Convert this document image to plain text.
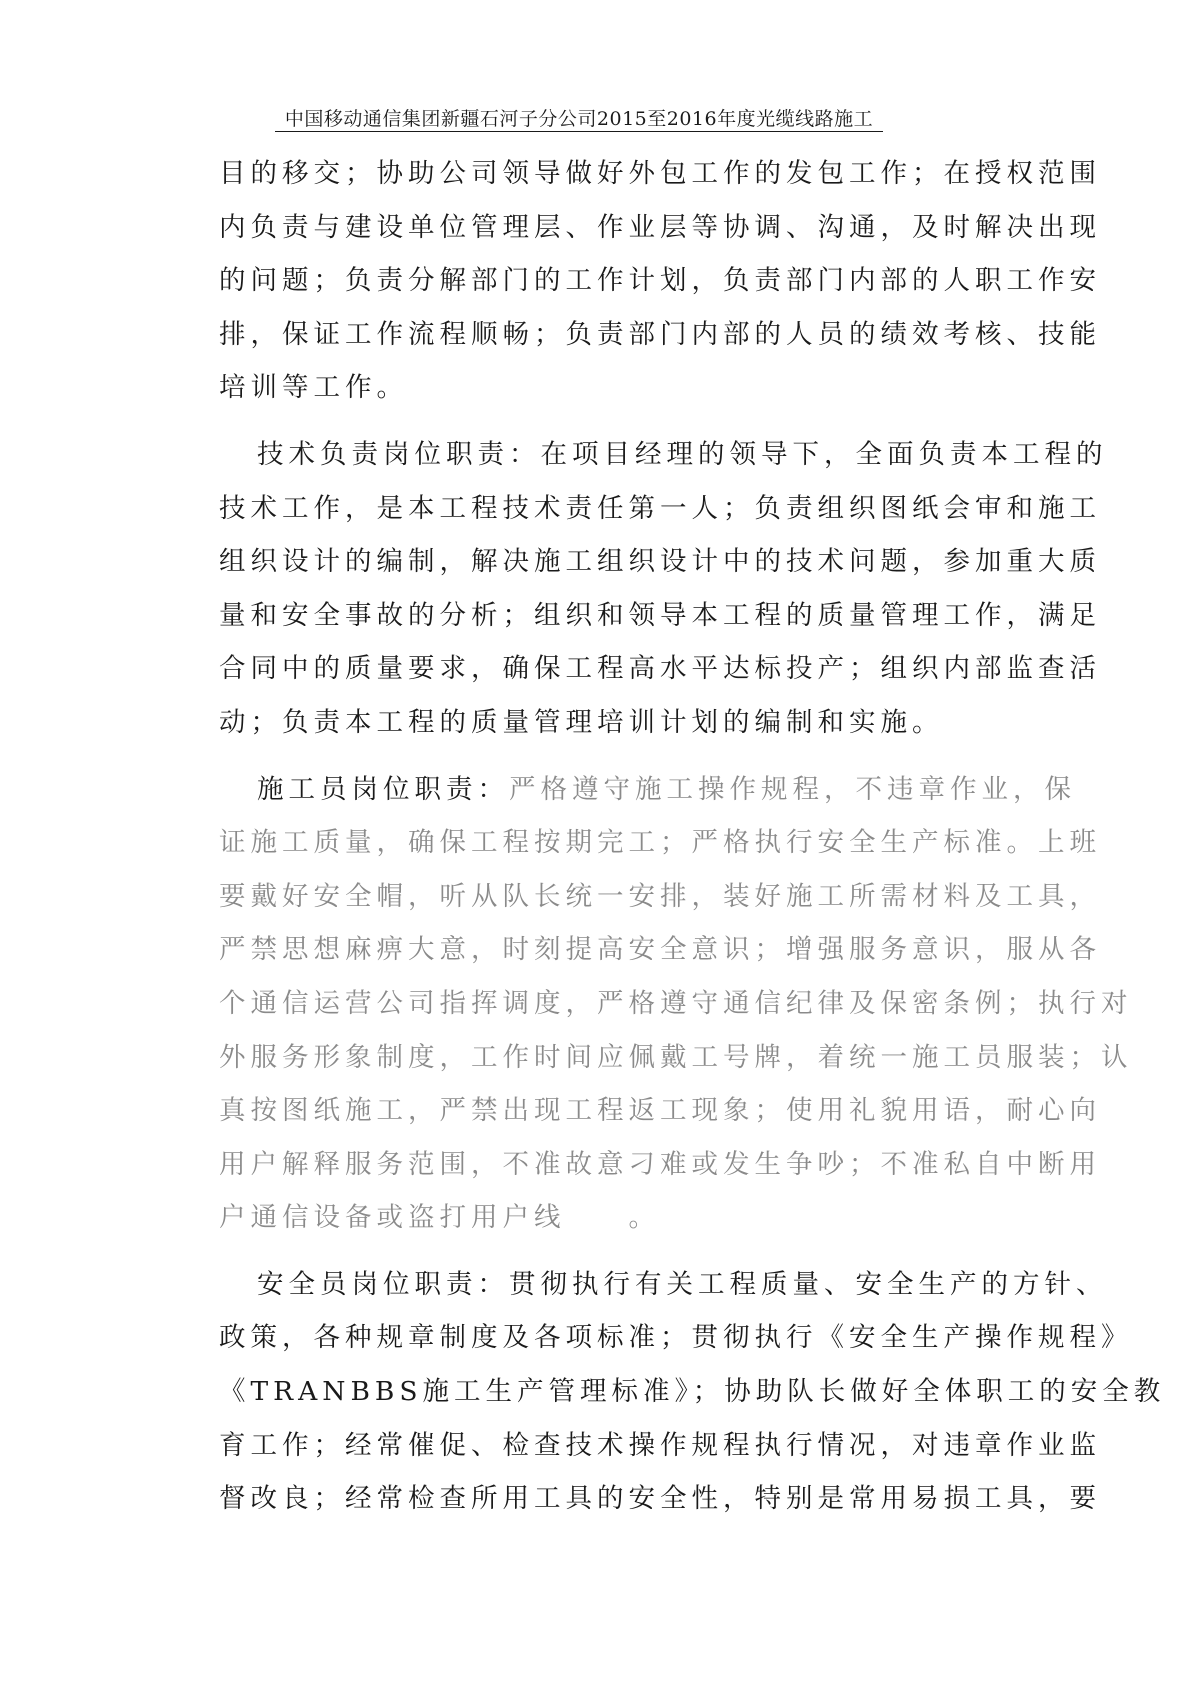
中国移动通信集团新疆石河子分公司2015至2016年度光缆线路施工
目的移交；协助公司领导做好外包工作的发包工作；在授权范围
内负责与建设单位管理层、作业层等协调、沟通，及时解决出现
的问题；负责分解部门的工作计划，负责部门内部的人职工作安
排，保证工作流程顺畅；负责部门内部的人员的绩效考核、技能
培训等工作。
技术负责岗位职责：在项目经理的领导下，全面负责本工程的
技术工作，是本工程技术责任第一人；负责组织图纸会审和施工
组织设计的编制，解决施工组织设计中的技术问题，参加重大质
量和安全事故的分析；组织和领导本工程的质量管理工作，满足
合同中的质量要求，确保工程高水平达标投产；组织内部监查活
动；负责本工程的质量管理培训计划的编制和实施。
施工员岗位职责：严格遵守施工操作规程，不违章作业，保
证施工质量，确保工程按期完工；严格执行安全生产标准。上班
要戴好安全帽，听从队长统一安排，装好施工所需材料及工具，
严禁思想麻痹大意，时刻提高安全意识；增强服务意识，服从各
个通信运营公司指挥调度，严格遵守通信纪律及保密条例；执行对
外服务形象制度，工作时间应佩戴工号牌，着统一施工员服装；认
真按图纸施工，严禁出现工程返工现象；使用礼貌用语，耐心向
用户解释服务范围，不准故意刁难或发生争吵；不准私自中断用
户通信设备或盗打用户线　　。
安全员岗位职责：贯彻执行有关工程质量、安全生产的方针、
政策，各种规章制度及各项标准；贯彻执行《安全生产操作规程》
《TRANBBS施工生产管理标准》；协助队长做好全体职工的安全教
育工作；经常催促、检查技术操作规程执行情况，对违章作业监
督改良；经常检查所用工具的安全性，特别是常用易损工具，要
